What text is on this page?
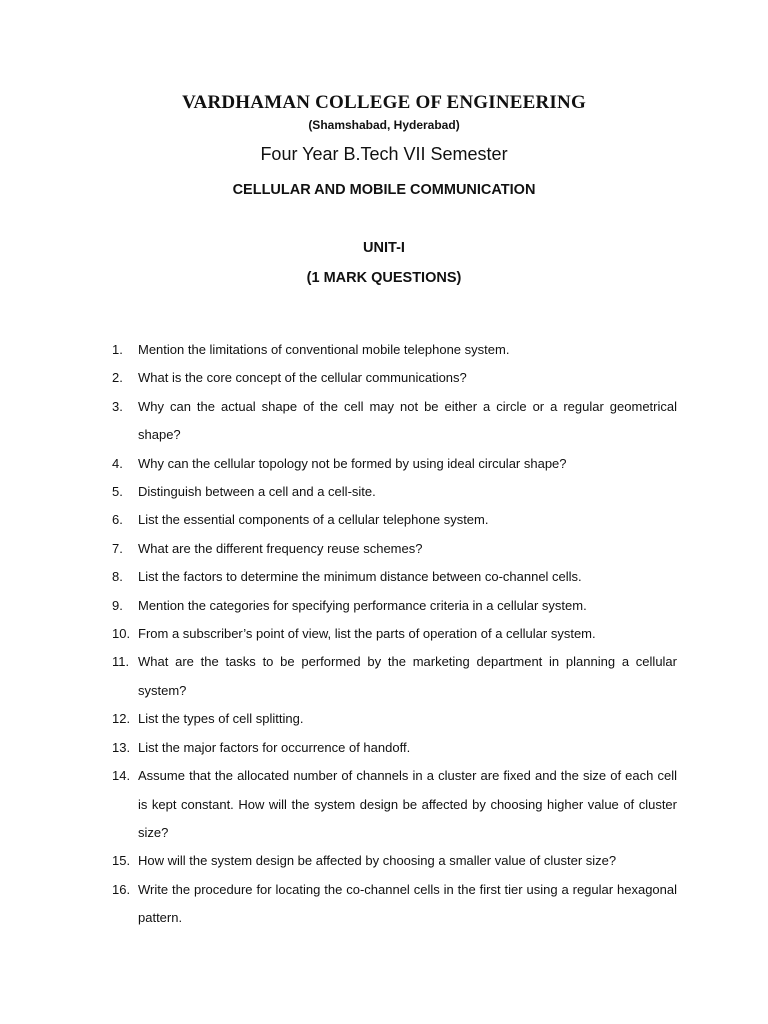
VARDHAMAN COLLEGE OF ENGINEERING
(Shamshabad, Hyderabad)
Four Year B.Tech VII Semester
CELLULAR AND MOBILE COMMUNICATION
UNIT-I
(1 MARK QUESTIONS)
1. Mention the limitations of conventional mobile telephone system.
2. What is the core concept of the cellular communications?
3. Why can the actual shape of the cell may not be either a circle or a regular geometrical shape?
4. Why can the cellular topology not be formed by using ideal circular shape?
5. Distinguish between a cell and a cell-site.
6. List the essential components of a cellular telephone system.
7. What are the different frequency reuse schemes?
8. List the factors to determine the minimum distance between co-channel cells.
9. Mention the categories for specifying performance criteria in a cellular system.
10. From a subscriber’s point of view, list the parts of operation of a cellular system.
11. What are the tasks to be performed by the marketing department in planning a cellular system?
12. List the types of cell splitting.
13. List the major factors for occurrence of handoff.
14. Assume that the allocated number of channels in a cluster are fixed and the size of each cell is kept constant. How will the system design be affected by choosing higher value of cluster size?
15. How will the system design be affected by choosing a smaller value of cluster size?
16. Write the procedure for locating the co-channel cells in the first tier using a regular hexagonal pattern.
